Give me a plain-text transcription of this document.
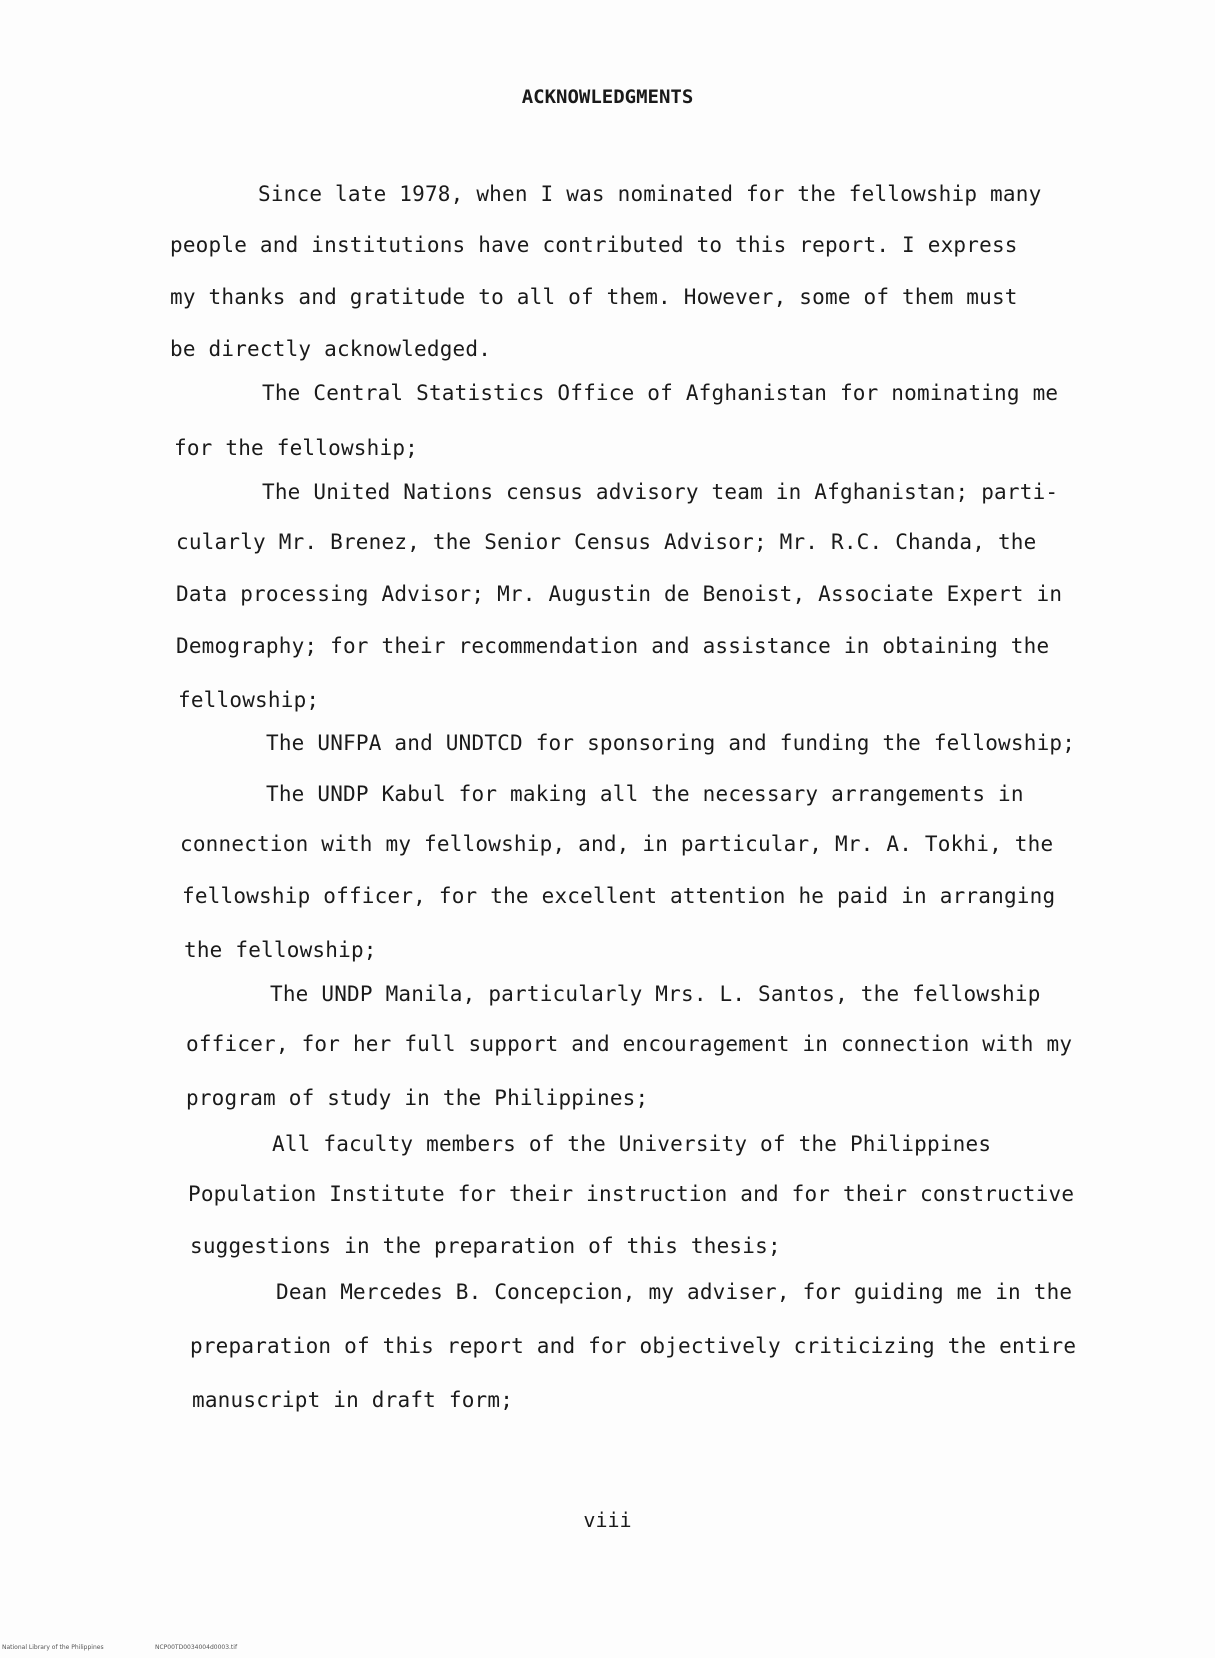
ACKNOWLEDGMENTS

Since late 1978, when I was nominated for the fellowship many

people and institutions have contributed to this report. I express

my thanks and gratitude to all of them. However, some of them must

be directly acknowledged.

The Central Statistics Office of Afghanistan for nominating me

for the fellowship;

The United Nations census advisory team in Afghanistan; parti-

cularly Mr. Brenez, the Senior Census Advisor; Mr. R.C. Chanda, the

Data processing Advisor; Mr. Augustin de Benoist, Associate Expert in

Demography; for their recommendation and assistance in obtaining the

fellowship;

The UNFPA and UNDTCD for sponsoring and funding the fellowship;

The UNDP Kabul for making all the necessary arrangements in

connection with my fellowship, and, in particular, Mr. A. Tokhi, the

fellowship officer, for the excellent attention he paid in arranging

the fellowship;

The UNDP Manila, particularly Mrs. L. Santos, the fellowship

officer, for her full support and encouragement in connection with my

program of study in the Philippines;

All faculty members of the University of the Philippines

Population Institute for their instruction and for their constructive

suggestions in the preparation of this thesis;

Dean Mercedes B. Concepcion, my adviser, for guiding me in the

preparation of this report and for objectively criticizing the entire

manuscript in draft form;

viii

National Library of the Philippines	NCP00TD0034004d0003.tif
